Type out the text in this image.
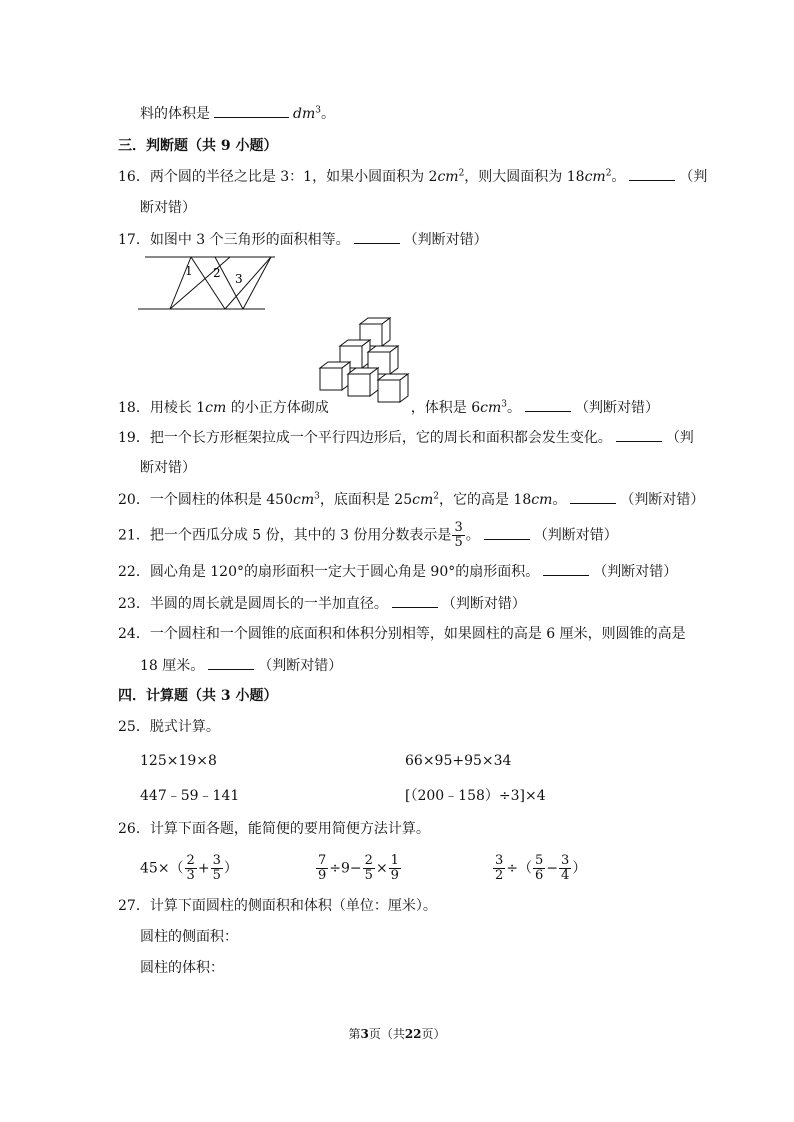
料的体积是	$dm^3$。
三．判断题（共 9 小题）
16．两个圆的半径之比是 3：1，如果小圆面积为 $2cm^2$，则大圆面积为 $18cm^2$。	（判
断对错）
17．如图中 3 个三角形的面积相等。	（判断对错）
1 2 3
18．用棱长 1cm 的小正方体砌成	，体积是 $6cm^3$。	（判断对错）
19．把一个长方形框架拉成一个平行四边形后，它的周长和面积都会发生变化。	（判
断对错）
20．一个圆柱的体积是 $450cm^3$，底面积是 $25cm^2$，它的高是 18cm。	（判断对错）
21．把一个西瓜分成 5 份，其中的 3 份用分数表示是 $\frac{3}{5}$ 。	（判断对错）
22．圆心角是 120°的扇形面积一定大于圆心角是 90°的扇形面积。	（判断对错）
23．半圆的周长就是圆周长的一半加直径。	（判断对错）
24．一个圆柱和一个圆锥的底面积和体积分别相等，如果圆柱的高是 6 厘米，则圆锥的高是
18 厘米。	（判断对错）
四．计算题（共 3 小题）
25．脱式计算。
125×19×8	66×95+95×34
447﹣59﹣141	[（200﹣158）÷3]×4
26．计算下面各题，能简便的要用简便方法计算。
$45\times( \frac{2}{3} + \frac{3}{5}$ ）	$\frac{7}{9} \div 9- \frac{2}{5} \times \frac{1}{9}$	$\frac{3}{2}$ ÷（ $\frac{5}{6} - \frac{3}{4}$ ）
27．计算下面圆柱的侧面积和体积（单位：厘米）。
圆柱的侧面积：
圆柱的体积：
第3页（共22页）
